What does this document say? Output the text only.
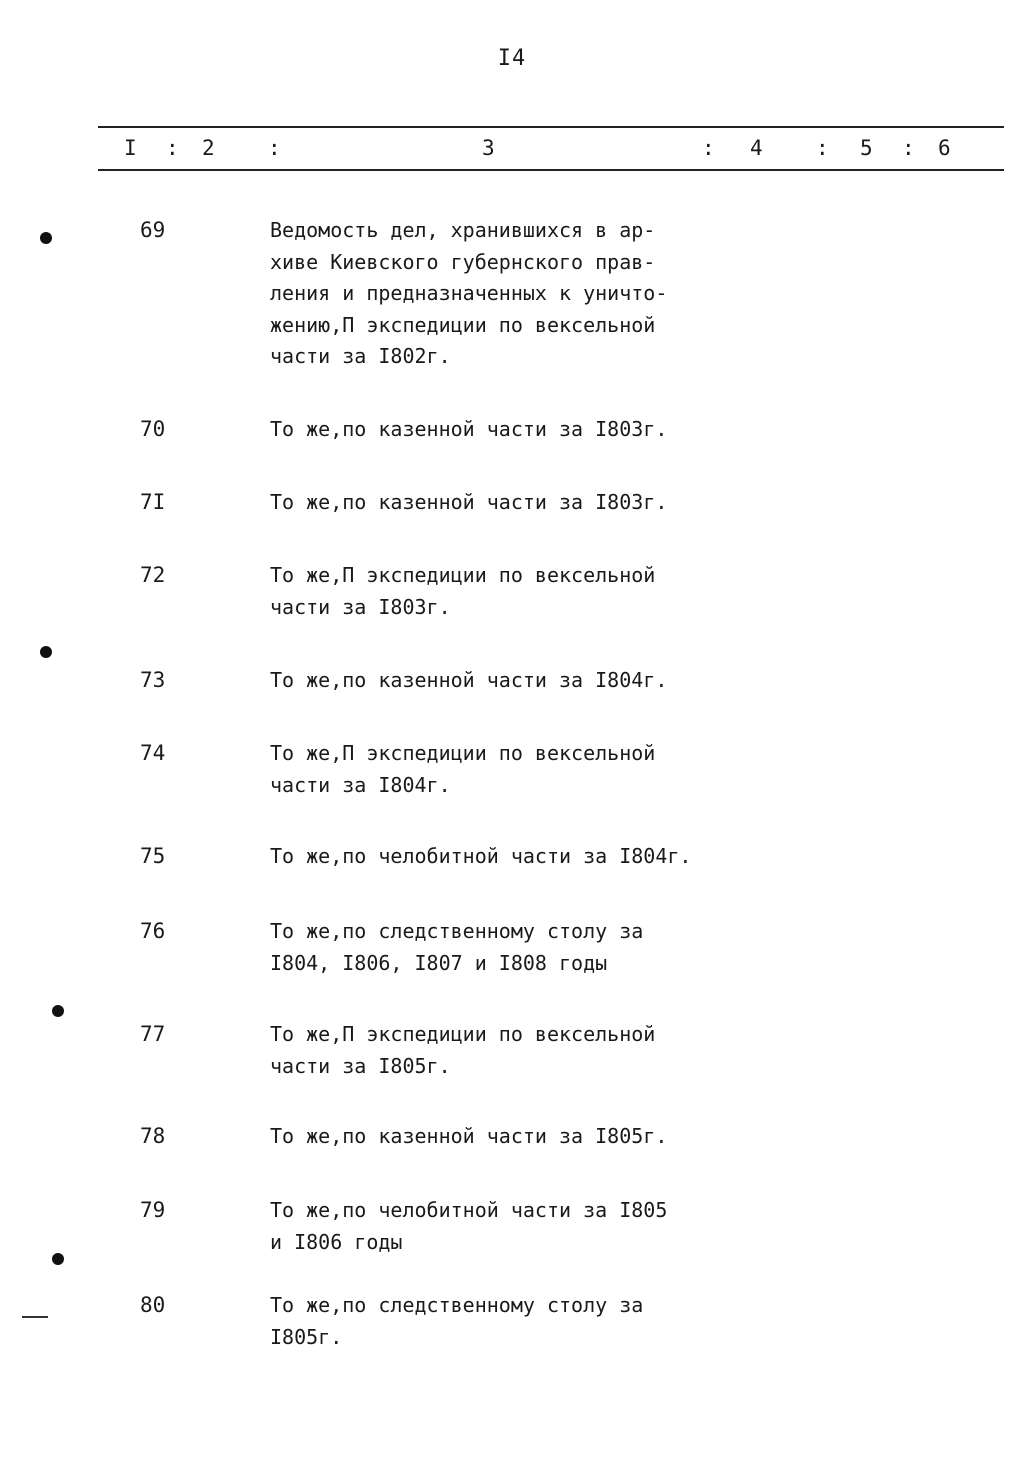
I4
I : 2	:	3	: 4	: 5 : 6
69	Ведомость дел, хранившихся в ар-
хиве Киевского губернского прав-
ления и предназначенных к уничто-
жению,П экспедиции по вексельной
части за I802г.
70	То же,по казенной части за I803г.
7I	То же,по казенной части за I803г.
72	То же,П экспедиции по вексельной
части за I803г.
73	То же,по казенной части за I804г.
74	То же,П экспедиции по вексельной
части за I804г.
75	То же,по челобитной части за I804г.
76	То же,по следственному столу за
I804, I806, I807 и I808 годы
77	То же,П экспедиции по вексельной
части за I805г.
78	То же,по казенной части за I805г.
79	То же,по челобитной части за I805
и I806 годы
80	То же,по следственному столу за
I805г.
